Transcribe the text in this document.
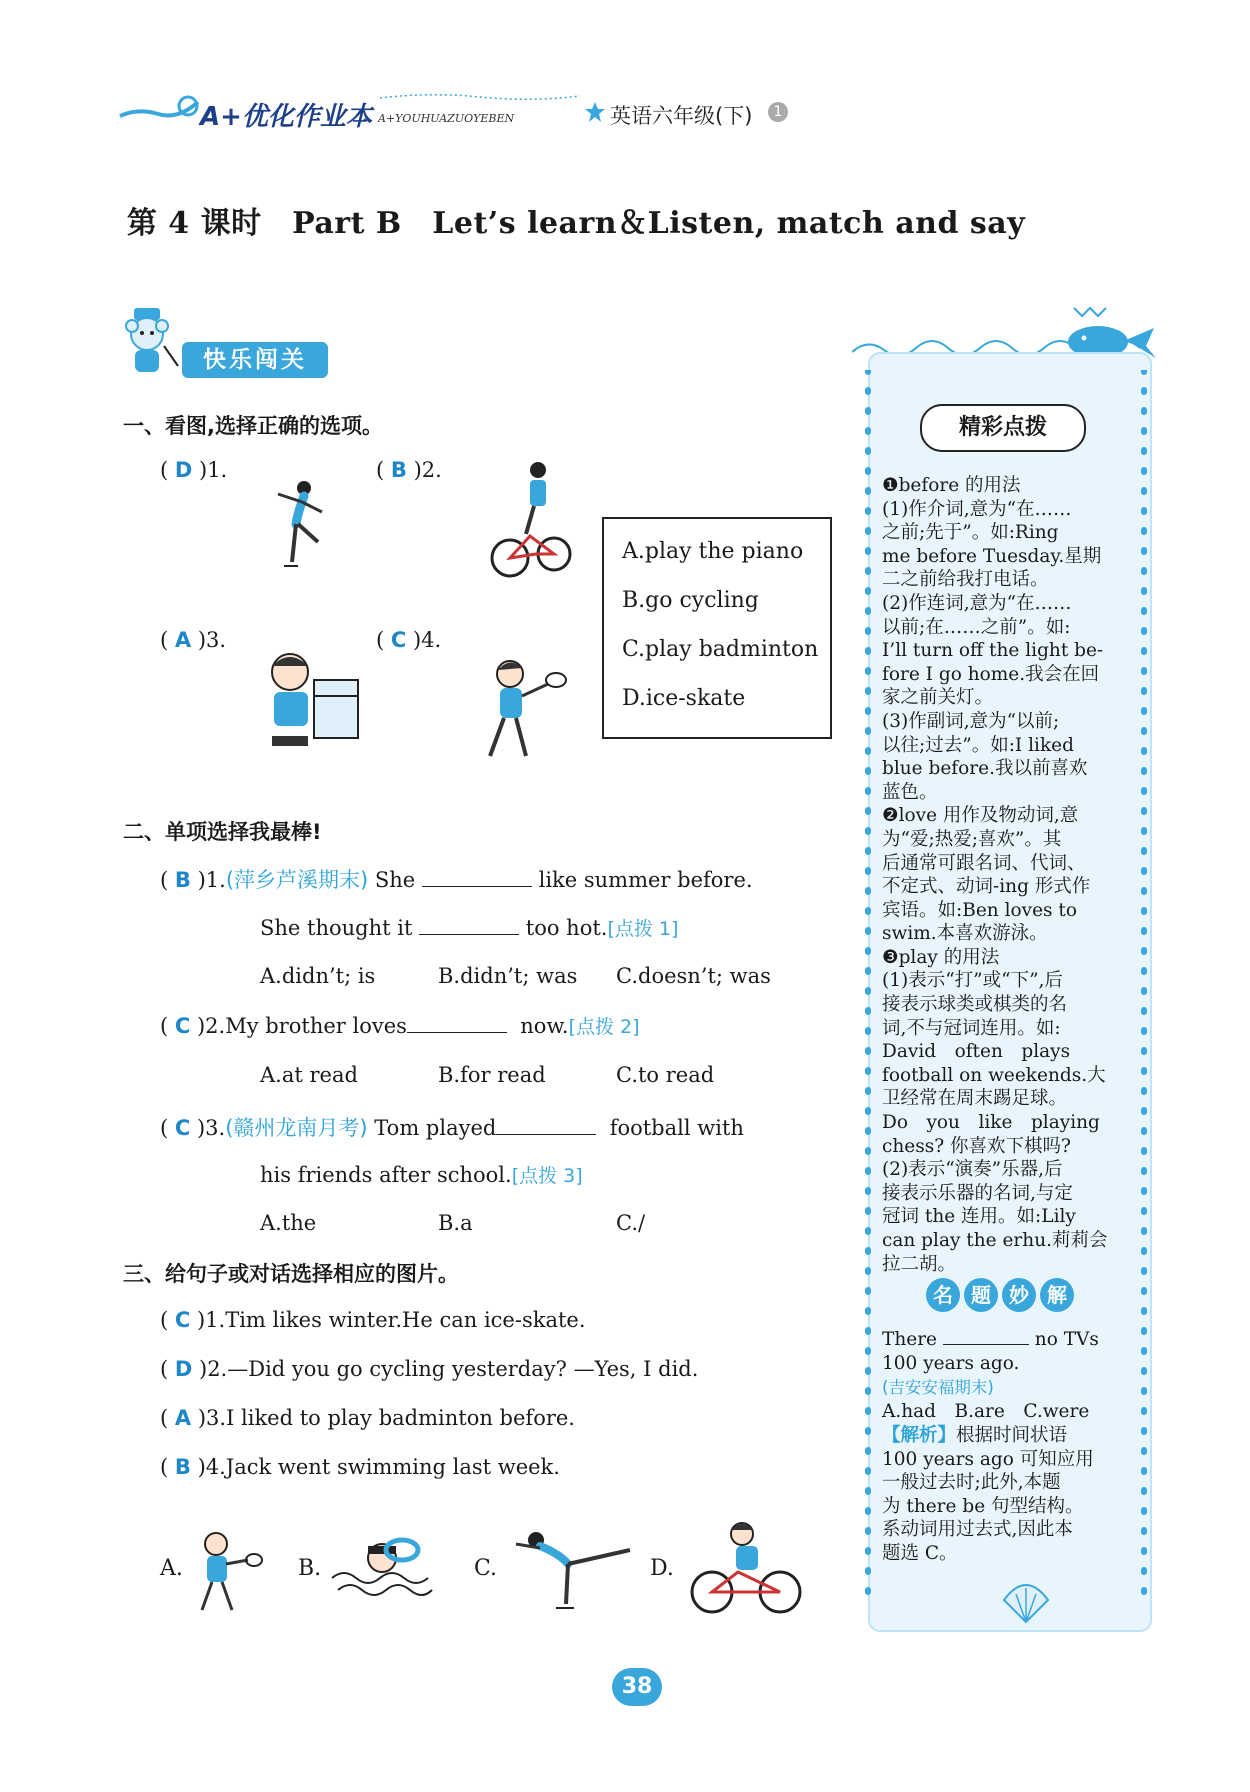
A+优化作业本 A+YOUHUAZUOYEBEN	英语六年级(下)	1
第 4 课时　Part B　Let’s learn＆Listen, match and say
快乐闯关
一、看图,选择正确的选项。
( D )1.	( B )2.
( A )3.	( C )4.
A.play the piano
B.go cycling
C.play badminton
D.ice-skate
二、单项选择我最棒!
( B )1.(萍乡芦溪期末) She	like summer before.
She thought it	too hot.[点拨 1]
A.didn’t; is	B.didn’t; was C.doesn’t; was
( C )2.My brother loves	now.[点拨 2]
A.at read	B.for read	C.to read
( C )3.(赣州龙南月考) Tom played	football with
his friends after school.[点拨 3]
A.the	B.a	C./
三、给句子或对话选择相应的图片。
( C )1.Tim likes winter.He can ice-skate.
( D )2.—Did you go cycling yesterday? —Yes, I did.
( A )3.I liked to play badminton before.
( B )4.Jack went swimming last week.
A.	B.	C.	D.
精彩点拨
❶before 的用法
(1)作介词,意为“在……
之前;先于”。如:Ring
me before Tuesday.星期
二之前给我打电话。
(2)作连词,意为“在……
以前;在……之前”。如:
I’ll turn off the light be-
fore I go home.我会在回
家之前关灯。
(3)作副词,意为“以前;
以往;过去”。如:I liked
blue before.我以前喜欢
蓝色。
❷love 用作及物动词,意
为“爱;热爱;喜欢”。其
后通常可跟名词、代词、
不定式、动词-ing 形式作
宾语。如:Ben loves to
swim.本喜欢游泳。
❸play 的用法
(1)表示“打”或“下”,后
接表示球类或棋类的名
词,不与冠词连用。如:
David　often　plays
football on weekends.大
卫经常在周末踢足球。
Do　you　like　playing
chess? 你喜欢下棋吗?
(2)表示“演奏”乐器,后
接表示乐器的名词,与定
冠词 the 连用。如:Lily
can play the erhu.莉莉会
拉二胡。
名 题 妙 解
There	no TVs
100 years ago.
(吉安安福期末)
A.had　B.are　C.were
【解析】根据时间状语
100 years ago 可知应用
一般过去时;此外,本题
为 there be 句型结构。
系动词用过去式,因此本
题选 C。
38
